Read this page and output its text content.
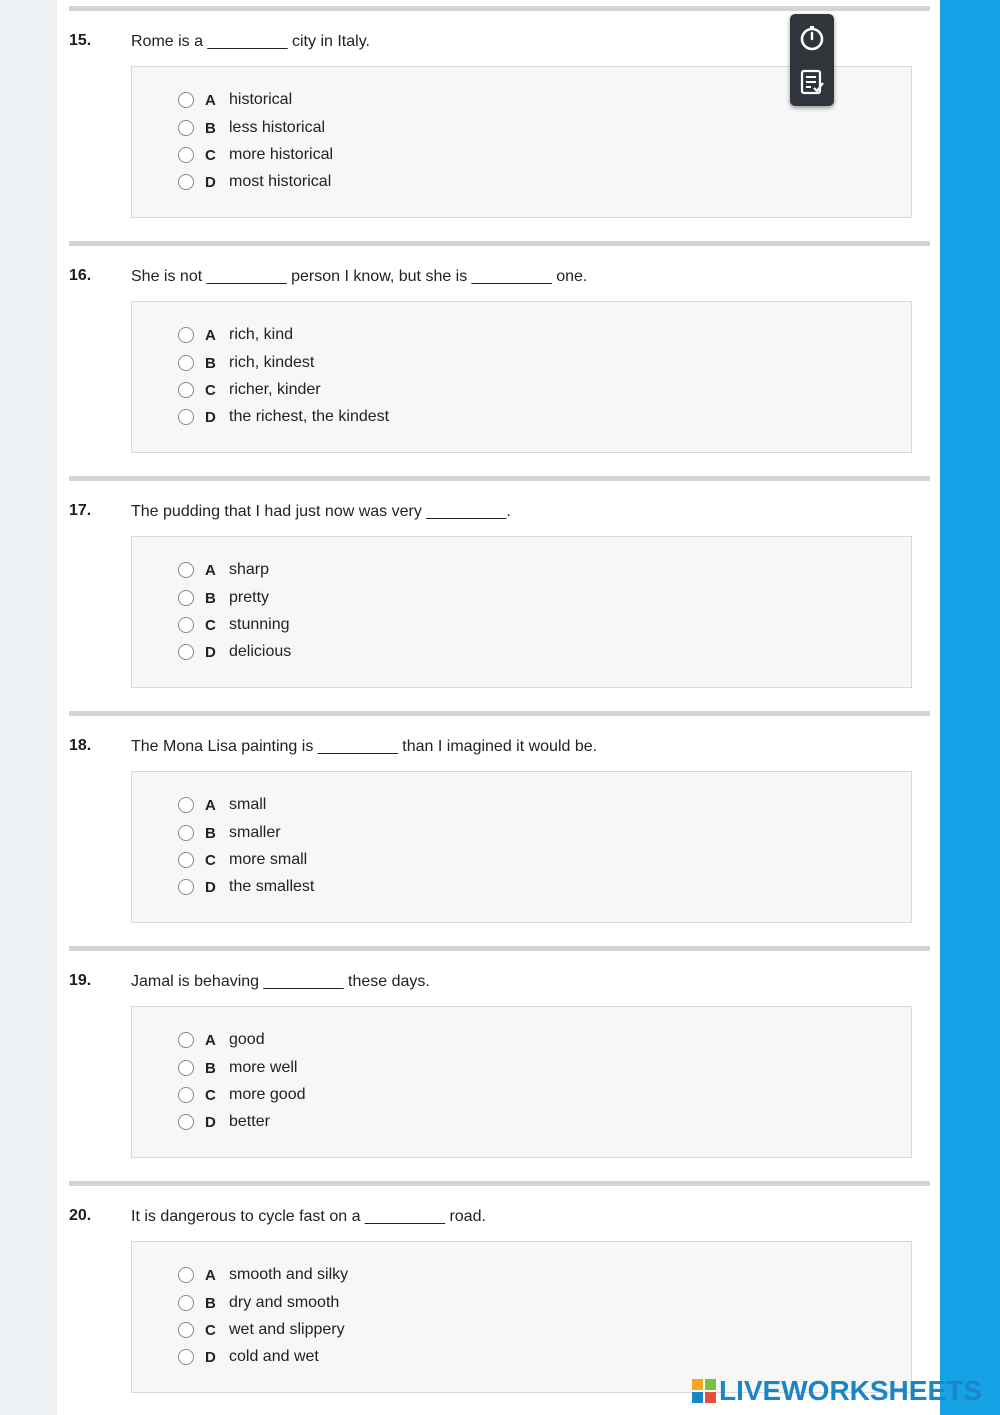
15. Rome is a _________ city in Italy.
A historical
B less historical
C more historical
D most historical
16. She is not _________ person I know, but she is _________ one.
A rich, kind
B rich, kindest
C richer, kinder
D the richest, the kindest
17. The pudding that I had just now was very _________.
A sharp
B pretty
C stunning
D delicious
18. The Mona Lisa painting is _________ than I imagined it would be.
A small
B smaller
C more small
D the smallest
19. Jamal is behaving _________ these days.
A good
B more well
C more good
D better
20. It is dangerous to cycle fast on a _________ road.
A smooth and silky
B dry and smooth
C wet and slippery
D cold and wet
LIVEWORKSHEETS
